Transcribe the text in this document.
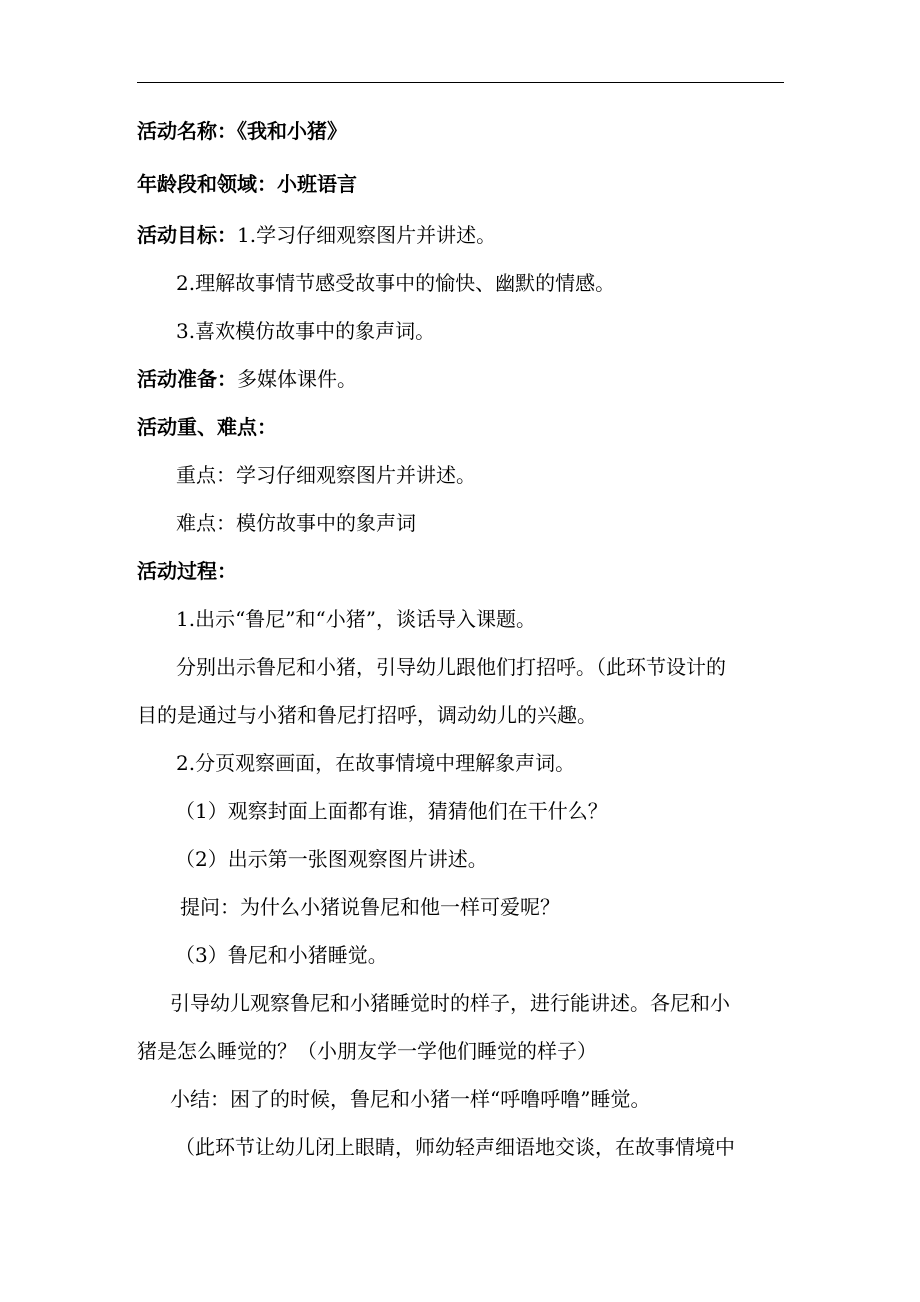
活动名称：《我和小猪》
年龄段和领域：小班语言
活动目标：1.学习仔细观察图片并讲述。
2.理解故事情节感受故事中的愉快、幽默的情感。
3.喜欢模仿故事中的象声词。
活动准备：多媒体课件。
活动重、难点：
重点：学习仔细观察图片并讲述。
难点：模仿故事中的象声词
活动过程：
1.出示“鲁尼”和“小猪”，谈话导入课题。
分别出示鲁尼和小猪，引导幼儿跟他们打招呼。（此环节设计的
目的是通过与小猪和鲁尼打招呼，调动幼儿的兴趣。
2.分页观察画面，在故事情境中理解象声词。
（1）观察封面上面都有谁，猜猜他们在干什么？
（2）出示第一张图观察图片讲述。
提问：为什么小猪说鲁尼和他一样可爱呢？
（3）鲁尼和小猪睡觉。
引导幼儿观察鲁尼和小猪睡觉时的样子，进行能讲述。各尼和小
猪是怎么睡觉的？（小朋友学一学他们睡觉的样子）
小结：困了的时候，鲁尼和小猪一样“呼噜呼噜”睡觉。
（此环节让幼儿闭上眼睛，师幼轻声细语地交谈，在故事情境中
